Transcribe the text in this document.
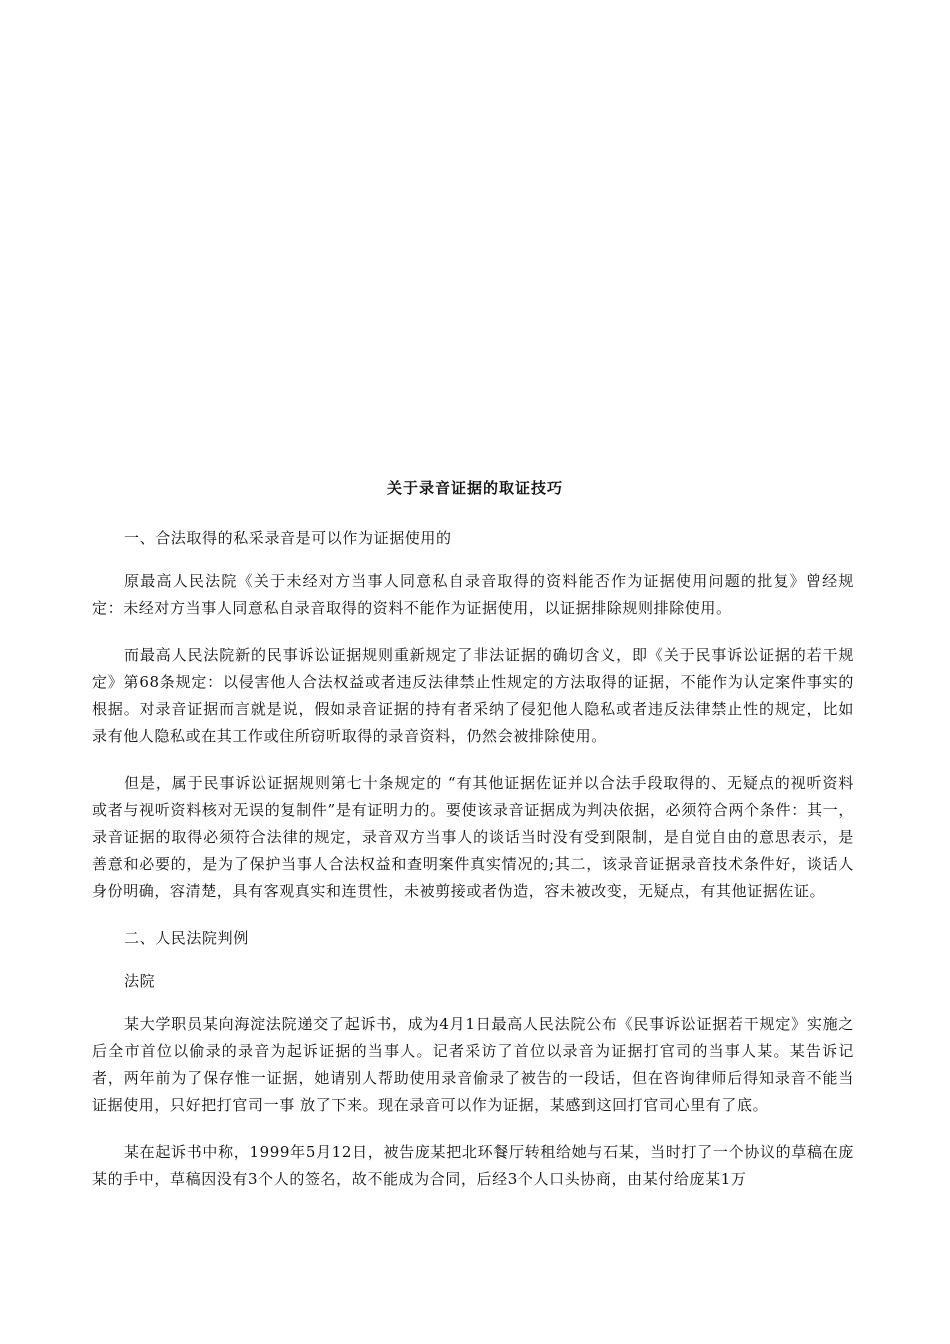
关于录音证据的取证技巧

一、合法取得的私采录音是可以作为证据使用的

原最高人民法院《关于未经对方当事人同意私自录音取得的资料能否作为证据使用问题的批复》曾经规定：未经对方当事人同意私自录音取得的资料不能作为证据使用，以证据排除规则排除使用。

而最高人民法院新的民事诉讼证据规则重新规定了非法证据的确切含义，即《关于民事诉讼证据的若干规定》第68条规定：以侵害他人合法权益或者违反法律禁止性规定的方法取得的证据，不能作为认定案件事实的根据。对录音证据而言就是说，假如录音证据的持有者采纳了侵犯他人隐私或者违反法律禁止性的规定，比如录有他人隐私或在其工作或住所窃听取得的录音资料，仍然会被排除使用。

但是，属于民事诉讼证据规则第七十条规定的 “有其他证据佐证并以合法手段取得的、无疑点的视听资料或者与视听资料核对无误的复制件”是有证明力的。要使该录音证据成为判决依据，必须符合两个条件：其一，录音证据的取得必须符合法律的规定，录音双方当事人的谈话当时没有受到限制，是自觉自由的意思表示，是善意和必要的，是为了保护当事人合法权益和查明案件真实情况的;其二，该录音证据录音技术条件好，谈话人身份明确，容清楚，具有客观真实和连贯性，未被剪接或者伪造，容未被改变，无疑点，有其他证据佐证。

二、人民法院判例

法院

某大学职员某向海淀法院递交了起诉书，成为4月1日最高人民法院公布《民事诉讼证据若干规定》实施之后全市首位以偷录的录音为起诉证据的当事人。记者采访了首位以录音为证据打官司的当事人某。某告诉记者，两年前为了保存惟一证据，她请别人帮助使用录音偷录了被告的一段话，但在咨询律师后得知录音不能当证据使用，只好把打官司一事 放了下来。现在录音可以作为证据，某感到这回打官司心里有了底。

某在起诉书中称，1999年5月12日，被告庞某把北环餐厅转租给她与石某，当时打了一个协议的草稿在庞某的手中，草稿因没有3个人的签名，故不能成为合同，后经3个人口头协商，由某付给庞某1万
